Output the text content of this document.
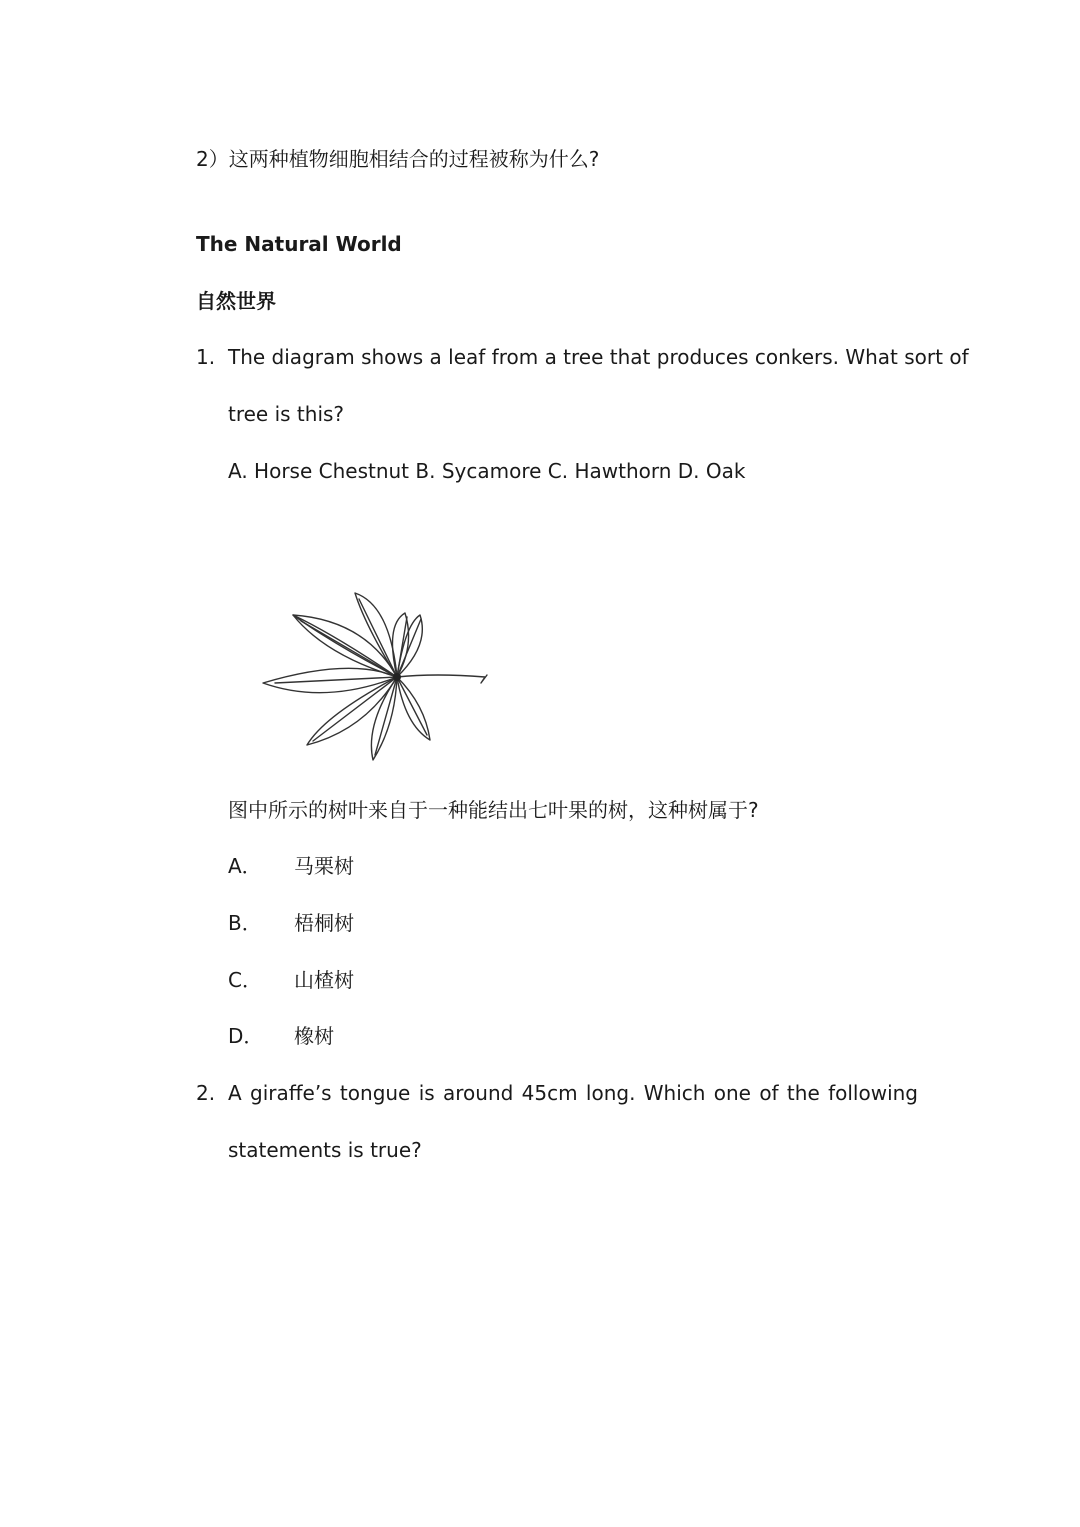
2）这两种植物细胞相结合的过程被称为什么?
The Natural World
自然世界
1. The diagram shows a leaf from a tree that produces conkers. What sort of
tree is this?
A. Horse Chestnut B. Sycamore C. Hawthorn D. Oak
图中所示的树叶来自于一种能结出七叶果的树，这种树属于?
A． 马栗树
B． 梧桐树
C． 山楂树
D． 橡树
2. A giraffe’s tongue is around 45cm long. Which one of the following
statements is true?
